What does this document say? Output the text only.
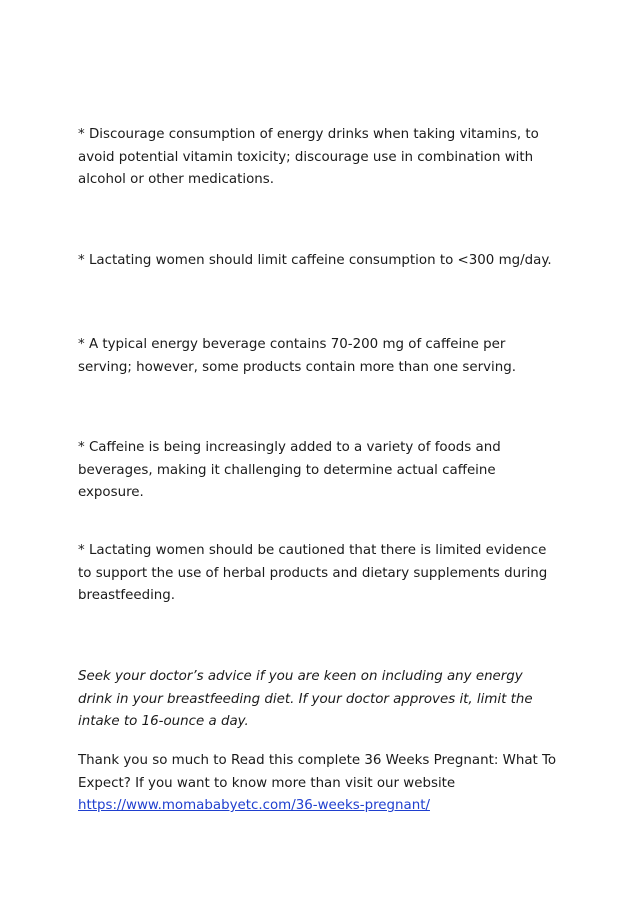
* Discourage consumption of energy drinks when taking vitamins, to avoid potential vitamin toxicity; discourage use in combination with alcohol or other medications.

* Lactating women should limit caffeine consumption to <300 mg/day.

* A typical energy beverage contains 70-200 mg of caffeine per serving; however, some products contain more than one serving.

* Caffeine is being increasingly added to a variety of foods and beverages, making it challenging to determine actual caffeine exposure.

* Lactating women should be cautioned that there is limited evidence to support the use of herbal products and dietary supplements during breastfeeding.

Seek your doctor’s advice if you are keen on including any energy drink in your breastfeeding diet. If your doctor approves it, limit the intake to 16-ounce a day.

Thank you so much to Read this complete 36 Weeks Pregnant: What To Expect? If you want to know more than visit our website
https://www.momababyetc.com/36-weeks-pregnant/
